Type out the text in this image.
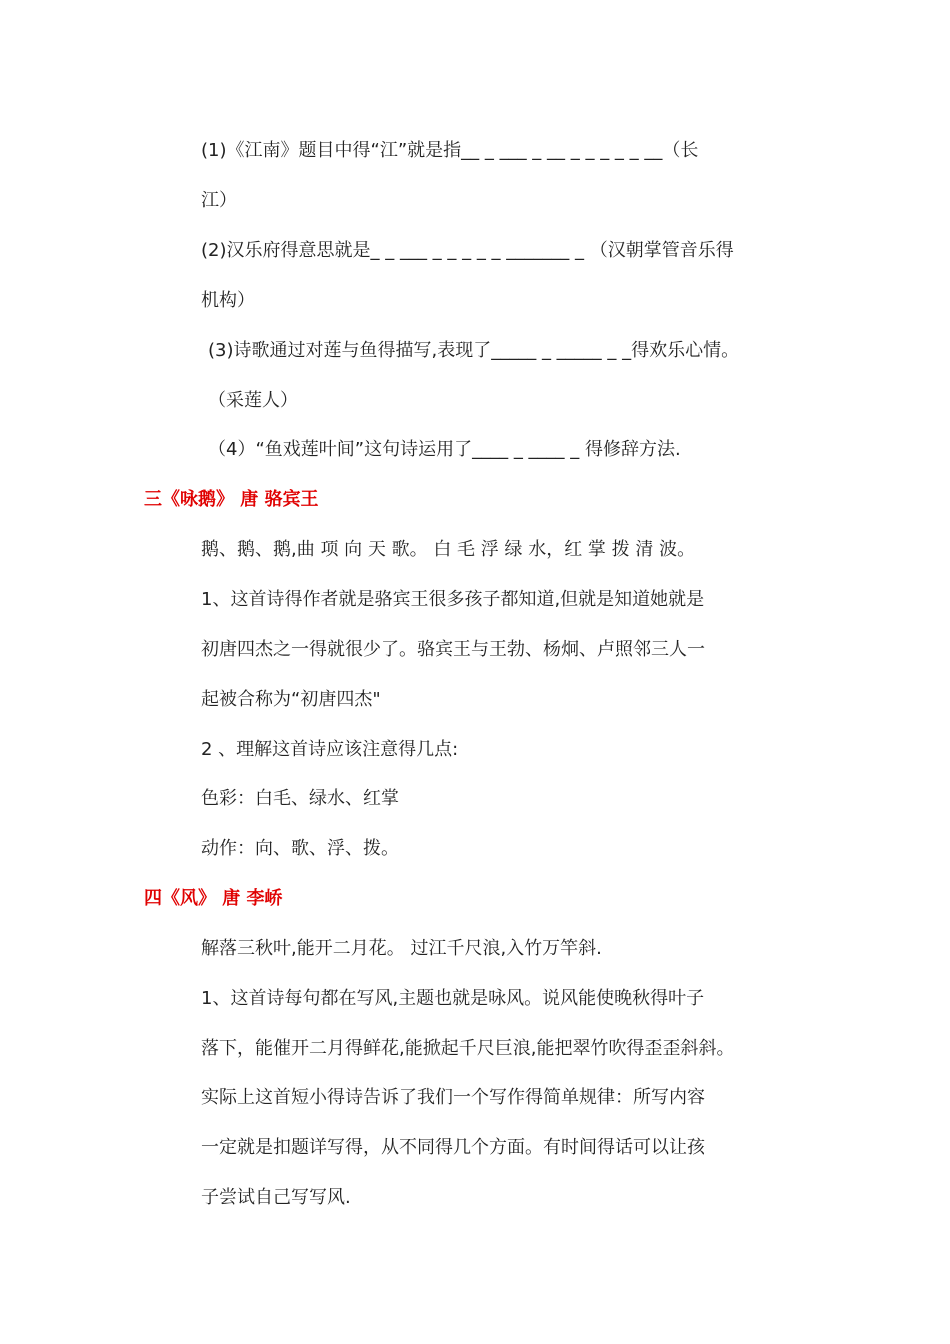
(1)《江南》题目中得“江”就是指__ _ ___ _ __ _ _ _ _ _ __（长
江）
(2)汉乐府得意思就是_ _ ___ _ _ _ _ _ _______ _ （汉朝掌管音乐得
机构）
(3)诗歌通过对莲与鱼得描写,表现了_____ _ _____ _ _得欢乐心情。
（采莲人）
（4）“鱼戏莲叶间”这句诗运用了____ _ ____ _ 得修辞方法.
三《咏鹅》 唐 骆宾王
鹅、鹅、鹅,曲 项 向 天 歌。 白 毛 浮 绿 水，红 掌 拨 清 波。
1、这首诗得作者就是骆宾王很多孩子都知道,但就是知道她就是
初唐四杰之一得就很少了。骆宾王与王勃、杨炯、卢照邻三人一
起被合称为“初唐四杰"
2 、理解这首诗应该注意得几点:
色彩：白毛、绿水、红掌
动作：向、歌、浮、拨。
四《风》 唐 李峤
解落三秋叶,能开二月花。 过江千尺浪,入竹万竿斜.
1、这首诗每句都在写风,主题也就是咏风。说风能使晚秋得叶子
落下，能催开二月得鲜花,能掀起千尺巨浪,能把翠竹吹得歪歪斜斜。
实际上这首短小得诗告诉了我们一个写作得简单规律：所写内容
一定就是扣题详写得，从不同得几个方面。有时间得话可以让孩
子尝试自己写写风.
